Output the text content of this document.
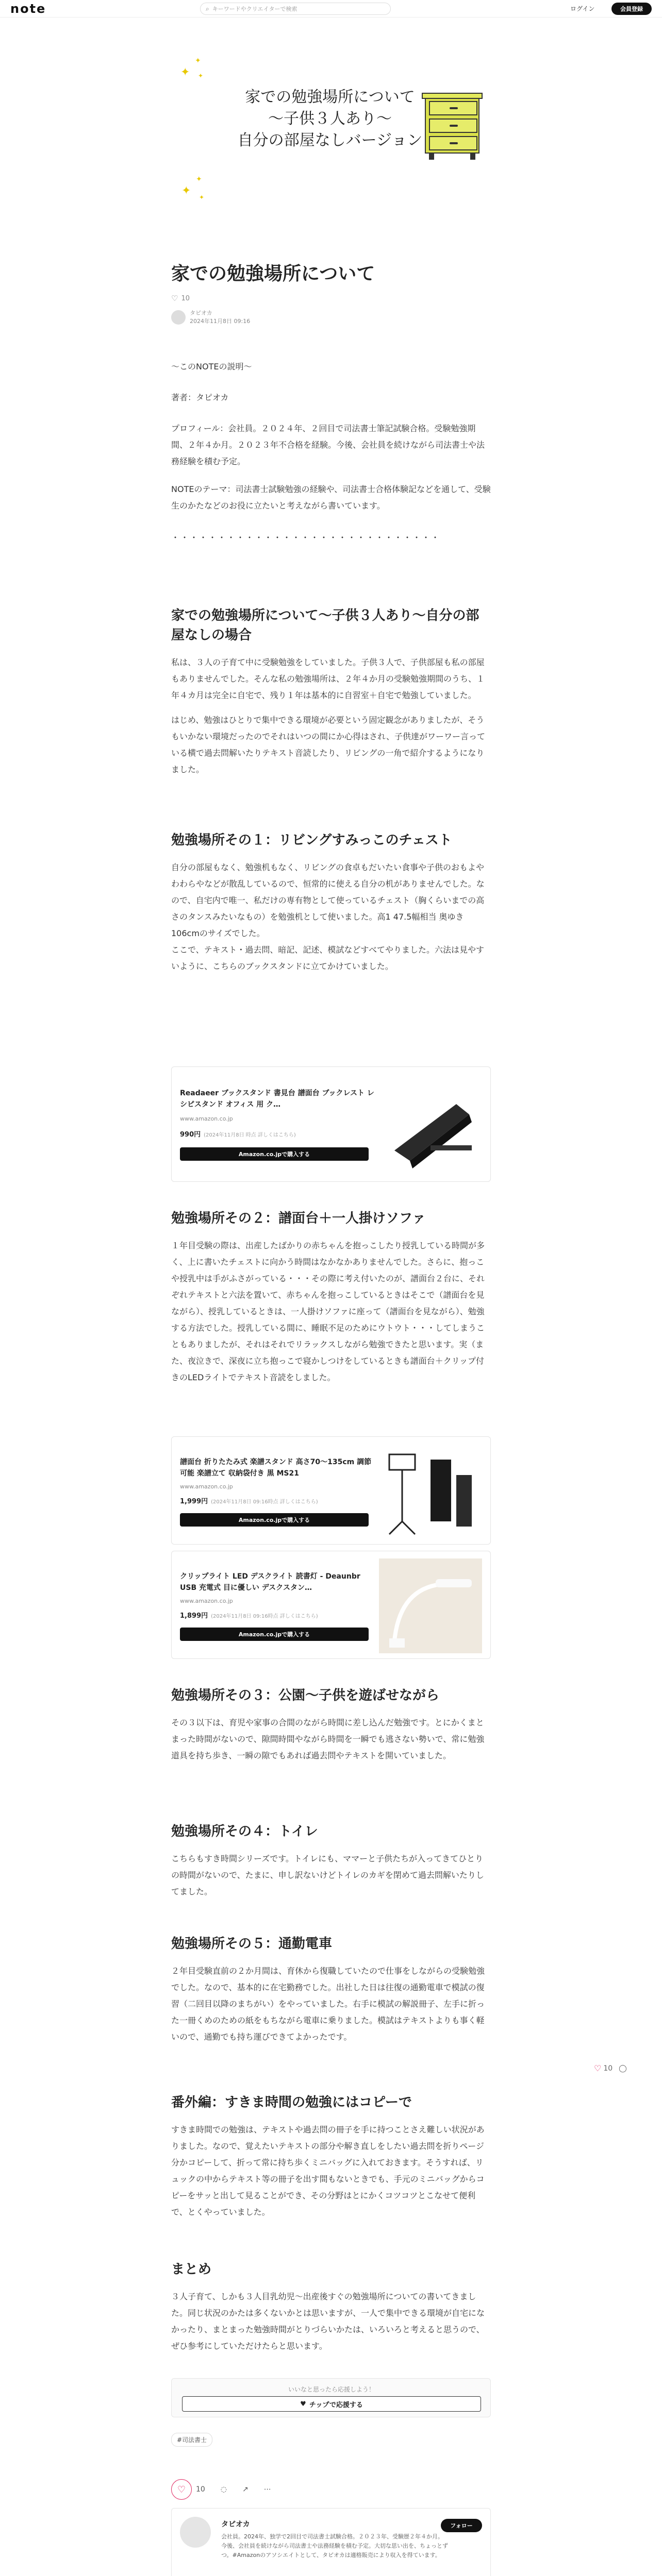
note	⌕ キーワードやクリエイターで検索	ログイン	会員登録
✦
✦
✦
✦
✦
✦
家での勉強場所について
〜子供３人あり〜
自分の部屋なしバージョン
家での勉強場所について
♡ 10
タピオカ
2024年11月8日 09:16
〜このNOTEの説明〜
著者：タピオカ
プロフィール：会社員。２０２４年、２回目で司法書士筆記試験合格。受験勉強期間、２年４か月。２０２３年不合格を経験。今後、会社員を続けながら司法書士や法務経験を積む予定。
NOTEのテーマ：司法書士試験勉強の経験や、司法書士合格体験記などを通して、受験生のかたなどのお役に立たいと考えながら書いています。
・・・・・・・・・・・・・・・・・・・・・・・・・・・・・
家での勉強場所について〜子供３人あり〜自分の部屋なしの場合
私は、３人の子育て中に受験勉強をしていました。子供３人で、子供部屋も私の部屋もありませんでした。そんな私の勉強場所は、２年４か月の受験勉強期間のうち、１年４カ月は完全に自宅で、残り１年は基本的に自習室＋自宅で勉強していました。
はじめ、勉強はひとりで集中できる環境が必要という固定観念がありましたが、そうもいかない環境だったのでそれはいつの間にか心得はされ、子供達がワーワー言っている横で過去問解いたりテキスト音読したり、リビングの一角で紹介するようになりました。
勉強場所その１：リビングすみっこのチェスト
自分の部屋もなく、勉強机もなく、リビングの食卓もだいたい食事や子供のおもよやわわらやなどが散乱しているので、恒常的に使える自分の机がありませんでした。なので、自宅内で唯一、私だけの専有物として使っているチェスト（胸くらいまでの高さのタンスみたいなもの）を勉強机として使いました。高1 47.5幅相当 奥ゆき106cmのサイズでした。
ここで、テキスト・過去問、暗記、記述、模試などすべてやりました。六法は見やすいように、こちらのブックスタンドに立てかけていました。
Readaeer ブックスタンド 書見台 譜面台 ブックレスト レシピスタンド オフィス 用 ク…
www.amazon.co.jp
990円 (2024年11月8日 時点 詳しくはこちら)
Amazon.co.jpで購入する
勉強場所その２：譜面台＋一人掛けソファ
１年目受験の際は、出産したばかりの赤ちゃんを抱っこしたり授乳している時間が多く、上に書いたチェストに向かう時間はなかなかありませんでした。さらに、抱っこや授乳中は手がふさがっている・・・その際に考え付いたのが、譜面台２台に、それぞれテキストと六法を置いて、赤ちゃんを抱っこしているときはそこで（譜面台を見ながら）、授乳しているときは、一人掛けソファに座って（譜面台を見ながら）、勉強する方法でした。授乳している間に、睡眠不足のためにウトウト・・・してしまうこともありましたが、それはそれでリラックスしながら勉強できたと思います。実（また、夜泣きで、深夜に立ち抱っこで寝かしつけをしているときも譜面台＋クリップ付きのLEDライトでテキスト音読をしました。
譜面台 折りたたみ式 楽譜スタンド 高さ70～135cm 調節可能 楽譜立て 収納袋付き 黒 MS21
www.amazon.co.jp
1,999円 (2024年11月8日 09:16時点 詳しくはこちら)
Amazon.co.jpで購入する
クリップライト LED デスクライト 読書灯 - Deaunbr USB 充電式 目に優しい デスクスタン…
www.amazon.co.jp
1,899円 (2024年11月8日 09:16時点 詳しくはこちら)
Amazon.co.jpで購入する
勉強場所その３：公園〜子供を遊ばせながら
その３以下は、育児や家事の合間のながら時間に差し込んだ勉強です。とにかくまとまった時間がないので、隙間時間やながら時間を一瞬でも逃さない勢いで、常に勉強道具を持ち歩き、一瞬の隙でもあれば過去問やテキストを開いていました。
勉強場所その４：トイレ
こちらもすき時間シリーズです。トイレにも、ママーと子供たちが入ってきてひとりの時間がないので、たまに、申し訳ないけどトイレのカギを閉めて過去問解いたりしてました。
勉強場所その５：通勤電車
２年目受験直前の２か月間は、育休から復職していたので仕事をしながらの受験勉強でした。なので、基本的に在宅勤務でした。出社した日は往復の通勤電車で模試の復習（二回目以降のまちがい）をやっていました。右手に模試の解説冊子、左手に折った一冊くめのための紙をもちながら電車に乗りました。模試はテキストよりも事く軽いので、通勤でも持ち運びできてよかったです。
♡ 10 ◯
番外編：すきま時間の勉強にはコピーで
すきま時間での勉強は、テキストや過去問の冊子を手に持つことさえ難しい状況がありました。なので、覚えたいテキストの部分や解き直しをしたい過去問を折りページ分かコピーして、折って常に持ち歩くミニバッグに入れておきます。そうすれば、リュックの中からテキスト等の冊子を出す間もないときでも、手元のミニバッグからコピーをサッと出して見ることができ、その分野はとにかくコツコツとこなせて便利で、とくやっていました。
まとめ
３人子育て、しかも３人目乳幼児〜出産後すぐの勉強場所についての書いてきました。同じ状況のかたは多くないかとは思いますが、一人で集中できる環境が自宅になかったり、まとまった勉強時間がとりづらいかたは、いろいろと考えると思うので、ぜひ参考にしていただけたらと思います。
いいなと思ったら応援しよう！
♥ チップで応援する
#司法書士
♡	10 ◌ ↗ ⋯
タピオカ
会社員。2024年、独学で2回目で司法書士試験合格。２０２３年、受験歴２年４か月。今後、会社員を続けながら司法書士や法務経験を積む予定。大切な思い出を、ちょっとずつ。#Amazonのアソシエイトとして、タピオカは適格販売により収入を得ています。
フォロー
